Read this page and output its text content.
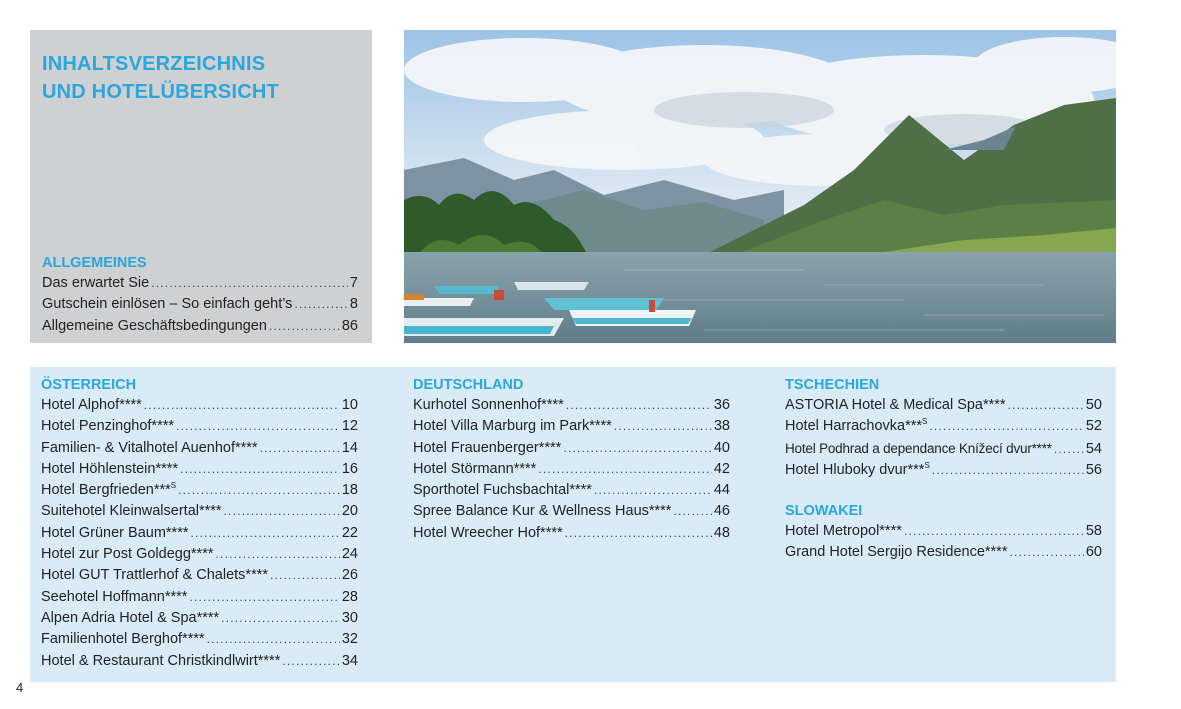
INHALTSVERZEICHNIS
UND HOTELÜBERSICHT
ALLGEMEINES
Das erwartet Sie .....	7
Gutschein einlösen – So einfach geht’s .....	8
Allgemeine Geschäftsbedingungen .....	86
ÖSTERREICH
Hotel Alphof**** .....	10
Hotel Penzinghof**** .....	12
Familien- & Vitalhotel Auenhof**** .....	14
Hotel Höhlenstein**** .....	16
Hotel Bergfrieden***$^S$ .....	18
Suitehotel Kleinwalsertal**** .....	20
Hotel Grüner Baum**** .....	22
Hotel zur Post Goldegg**** .....	24
Hotel GUT Trattlerhof & Chalets**** .....	26
Seehotel Hoffmann**** .....	28
Alpen Adria Hotel & Spa**** .....	30
Familienhotel Berghof**** .....	32
Hotel & Restaurant Christkindlwirt**** .....	34
DEUTSCHLAND
Kurhotel Sonnenhof**** .....	36
Hotel Villa Marburg im Park**** .....	38
Hotel Frauenberger**** .....	40
Hotel Störmann**** .....	42
Sporthotel Fuchsbachtal**** .....	44
Spree Balance Kur & Wellness Haus**** .....	46
Hotel Wreecher Hof**** .....	48
TSCHECHIEN
ASTORIA Hotel & Medical Spa**** .....	50
Hotel Harrachovka***$^S$ .....	52
Hotel Podhrad a dependance Knížecí dvur**** ..... 54
Hotel Hluboky dvur***$^S$ .....	56
SLOWAKEI
Hotel Metropol**** .....	58
Grand Hotel Sergijo Residence**** .....	60
4
